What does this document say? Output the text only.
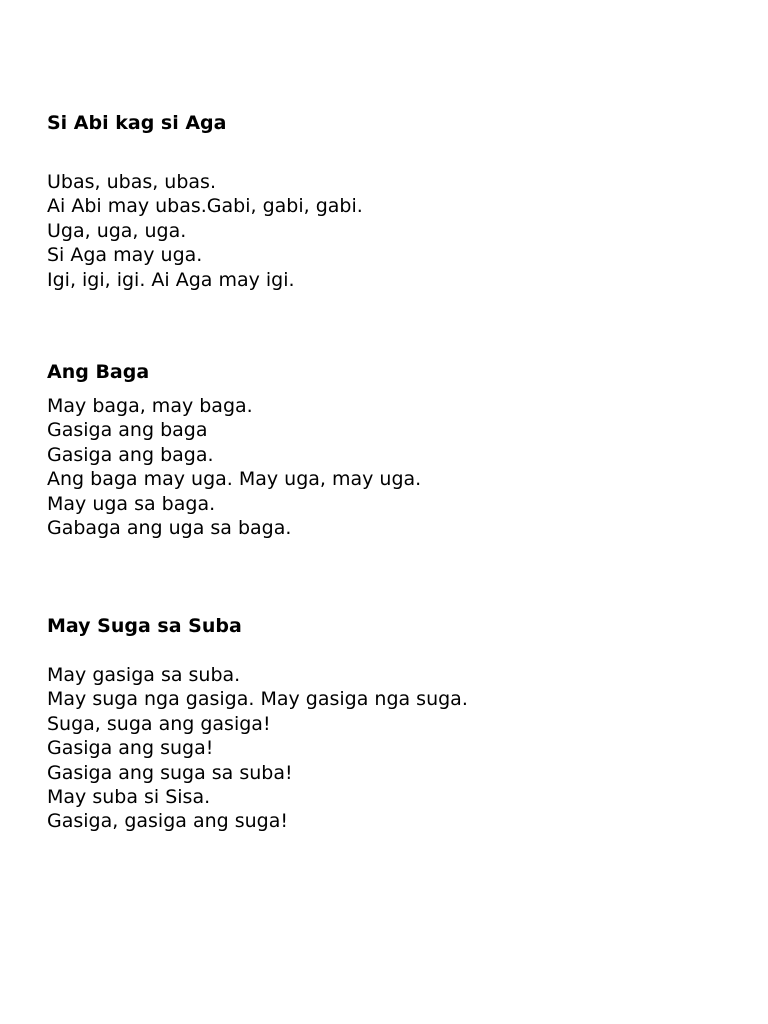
Si Abi kag si Aga
Ubas, ubas, ubas.
Ai Abi may ubas.Gabi, gabi, gabi.
Uga, uga, uga.
Si Aga may uga.
Igi, igi, igi. Ai Aga may igi.
Ang Baga
May baga, may baga.
Gasiga ang baga
Gasiga ang baga.
Ang baga may uga. May uga, may uga.
May uga sa baga.
Gabaga ang uga sa baga.
May Suga sa Suba
May gasiga sa suba.
May suga nga gasiga. May gasiga nga suga.
Suga, suga ang gasiga!
Gasiga ang suga!
Gasiga ang suga sa suba!
May suba si Sisa.
Gasiga, gasiga ang suga!
